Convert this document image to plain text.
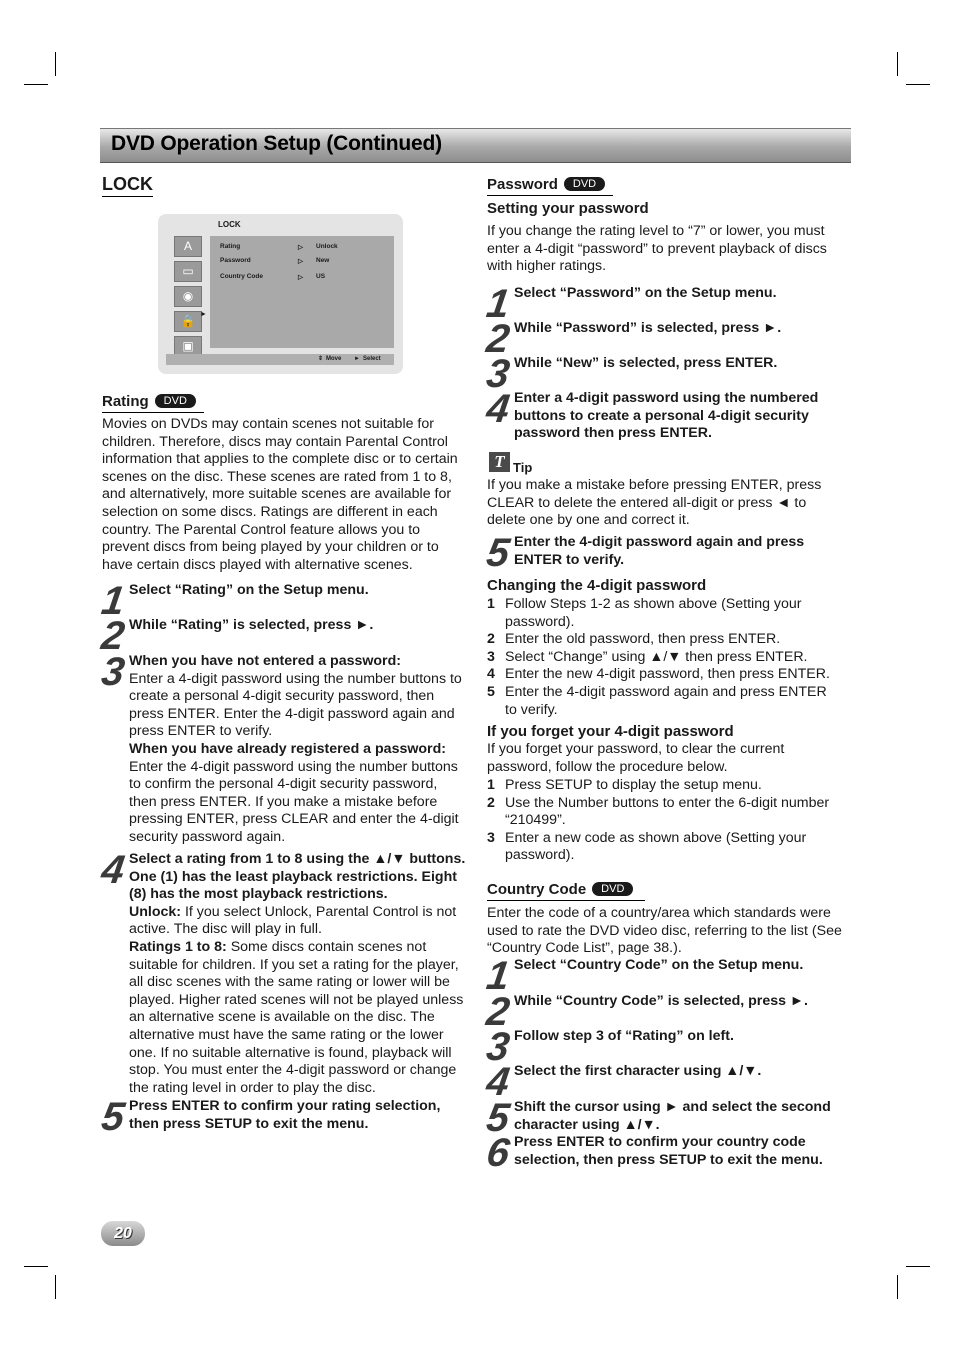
DVD Operation Setup (Continued)
LOCK
LOCK
A
▭
◉
🔒
▣
►
Rating	▷ Unlock
Password	▷ New
Country Code	▷ US
⇕ Move ► Select
Rating DVD
Movies on DVDs may contain scenes not suitable for children. Therefore, discs may contain Parental Control information that applies to the complete disc or to certain scenes on the disc. These scenes are rated from 1 to 8, and alternatively, more suitable scenes are available for selection on some discs. Ratings are different in each country. The Parental Control feature allows you to prevent discs from being played by your children or to have certain discs played with alternative scenes.
1 Select “Rating” on the Setup menu.
2 While “Rating” is selected, press ►.
3 When you have not entered a password:
Enter a 4-digit password using the number buttons to create a personal 4-digit security password, then press ENTER. Enter the 4-digit password again and press ENTER to verify.
When you have already registered a password:
Enter the 4-digit password using the number buttons to confirm the personal 4-digit security password, then press ENTER. If you make a mistake before pressing ENTER, press CLEAR and enter the 4-digit security password again.
4 Select a rating from 1 to 8 using the ▲/▼ buttons. One (1) has the least playback restrictions. Eight (8) has the most playback restrictions.
Unlock: If you select Unlock, Parental Control is not active. The disc will play in full.
Ratings 1 to 8: Some discs contain scenes not suitable for children. If you set a rating for the player, all disc scenes with the same rating or lower will be played. Higher rated scenes will not be played unless an alternative scene is available on the disc. The alternative must have the same rating or the lower one. If no suitable alternative is found, playback will stop. You must enter the 4-digit password or change the rating level in order to play the disc.
5 Press ENTER to confirm your rating selection, then press SETUP to exit the menu.
Password DVD
Setting your password
If you change the rating level to “7” or lower, you must enter a 4-digit “password” to prevent playback of discs with higher ratings.
1 Select “Password” on the Setup menu.
2 While “Password” is selected, press ►.
3 While “New” is selected, press ENTER.
4 Enter a 4-digit password using the numbered buttons to create a personal 4-digit security password then press ENTER.
T Tip
If you make a mistake before pressing ENTER, press CLEAR to delete the entered all-digit or press ◄ to delete one by one and correct it.
5 Enter the 4-digit password again and press ENTER to verify.
Changing the 4-digit password
1 Follow Steps 1-2 as shown above (Setting your password).
2 Enter the old password, then press ENTER.
3 Select “Change” using ▲/▼ then press ENTER.
4 Enter the new 4-digit password, then press ENTER.
5 Enter the 4-digit password again and press ENTER to verify.
If you forget your 4-digit password
If you forget your password, to clear the current password, follow the procedure below.
1 Press SETUP to display the setup menu.
2 Use the Number buttons to enter the 6-digit number “210499”.
3 Enter a new code as shown above (Setting your password).
Country Code DVD
Enter the code of a country/area which standards were used to rate the DVD video disc, referring to the list (See “Country Code List”, page 38.).
1 Select “Country Code” on the Setup menu.
2 While “Country Code” is selected, press ►.
3 Follow step 3 of “Rating” on left.
4 Select the first character using ▲/▼.
5 Shift the cursor using ► and select the second character using ▲/▼.
6 Press ENTER to confirm your country code selection, then press SETUP to exit the menu.
20
